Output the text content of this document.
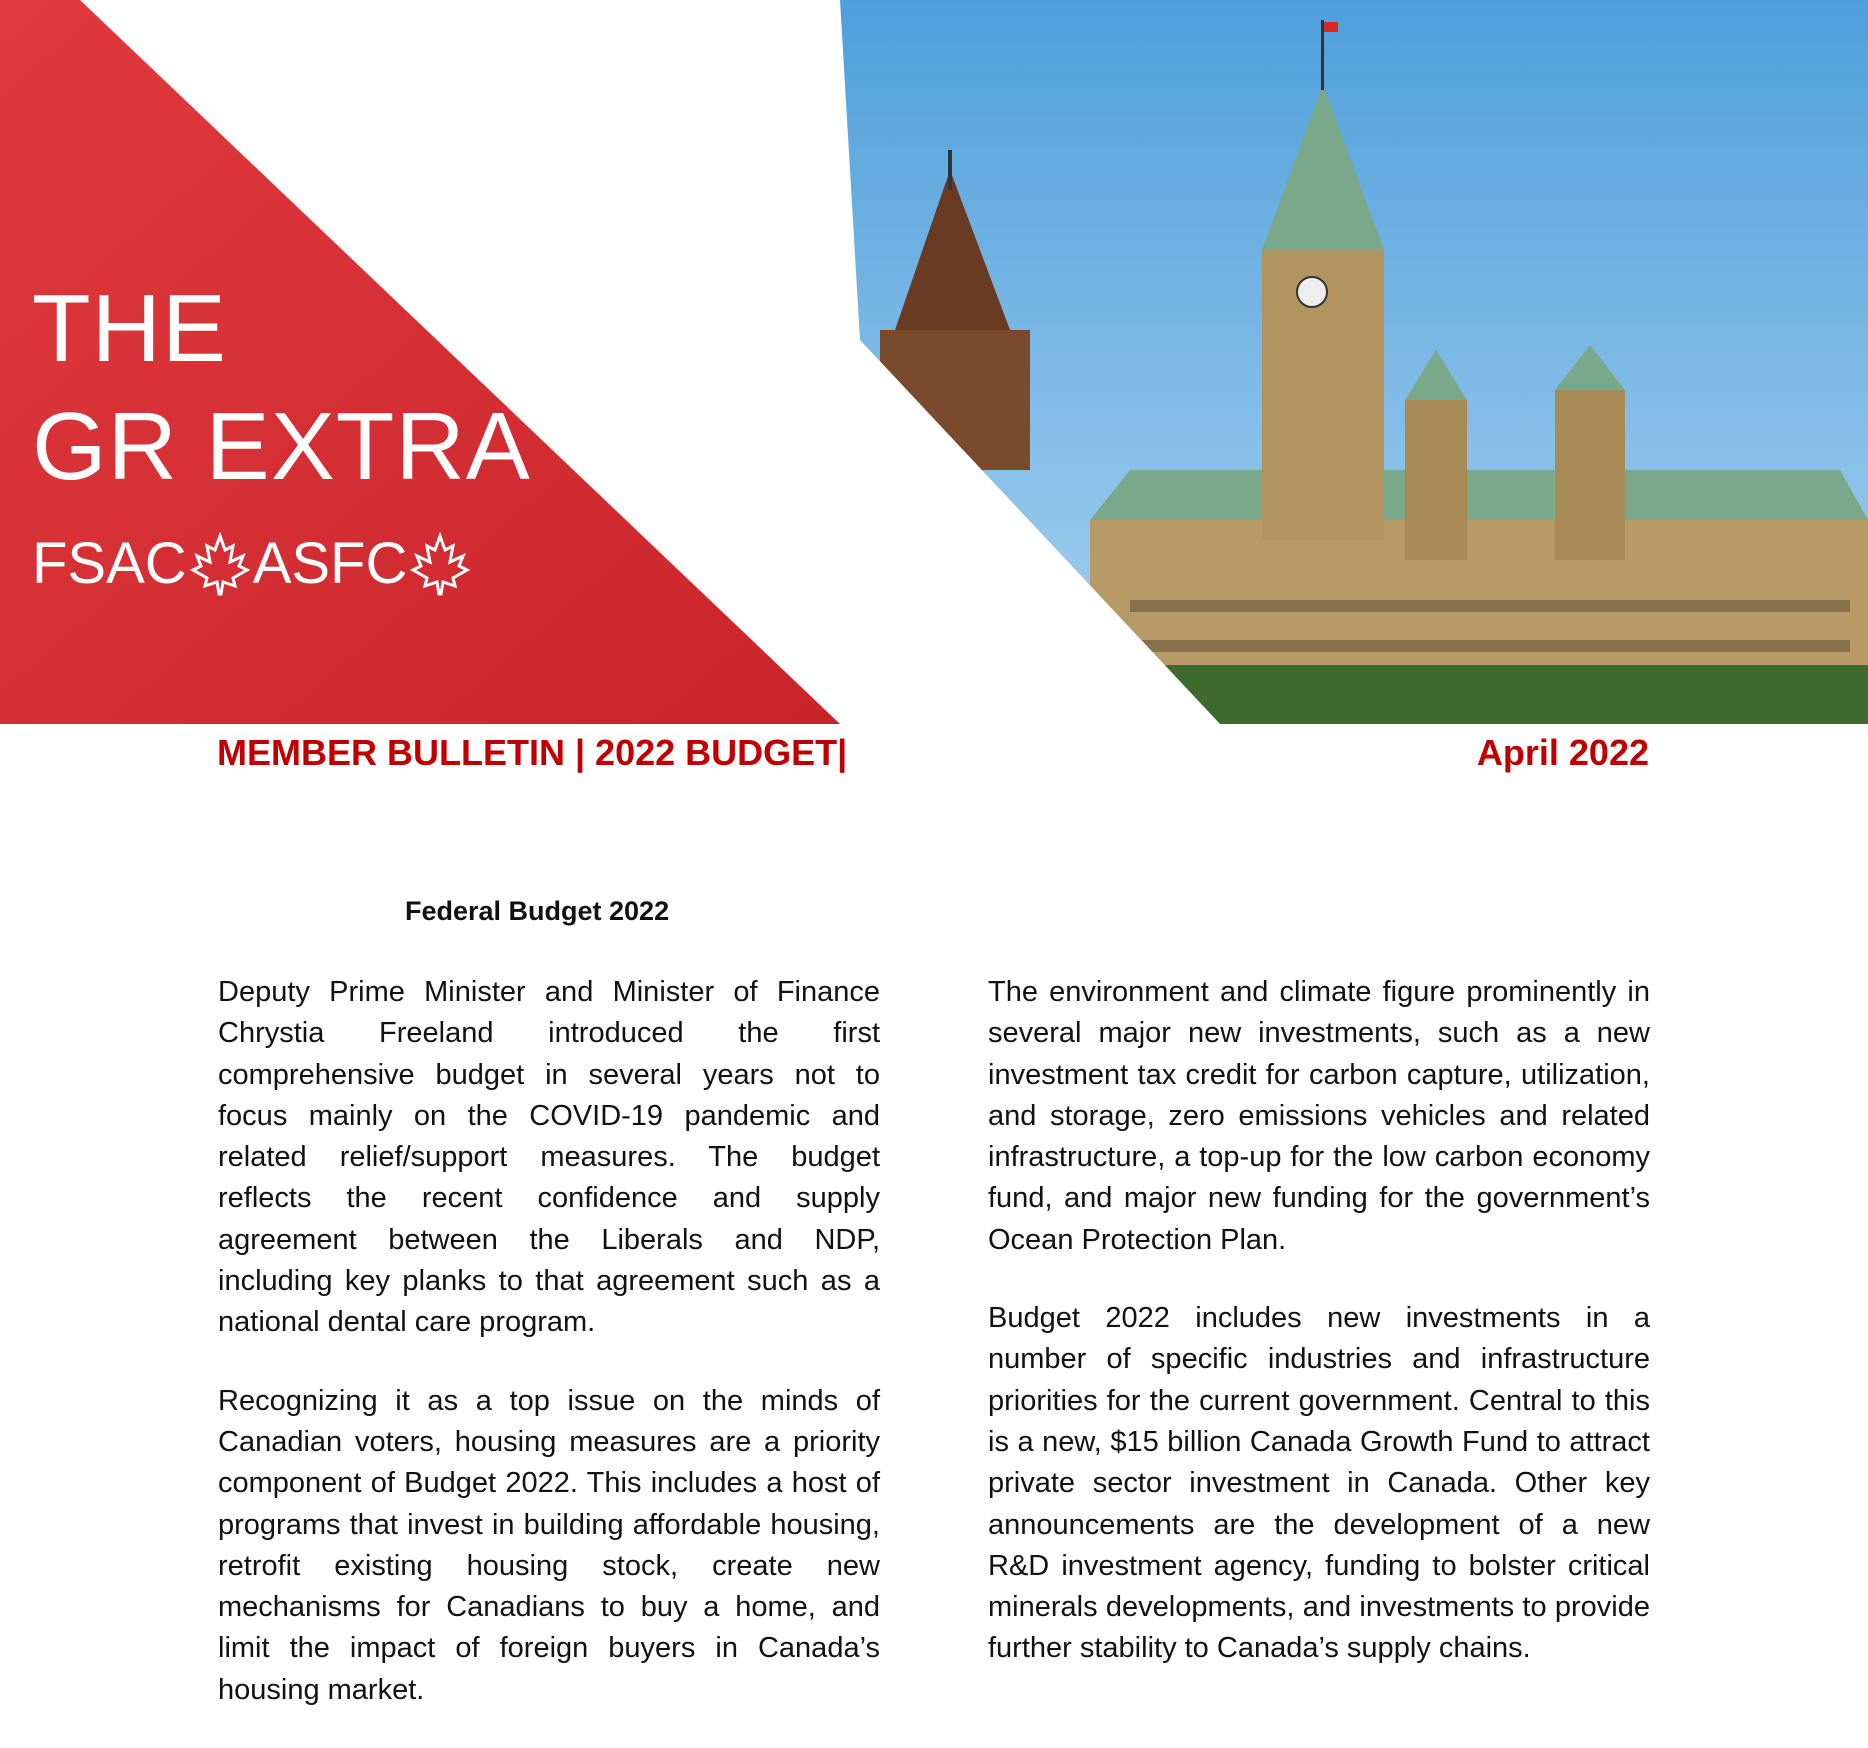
THE
GR EXTRA
FSAC ASFC
MEMBER BULLETIN | 2022 BUDGET|	April 2022
Federal Budget 2022

Deputy Prime Minister and Minister of Finance Chrystia Freeland introduced the first comprehensive budget in several years not to focus mainly on the COVID-19 pandemic and related relief/support measures. The budget reflects the recent confidence and supply agreement between the Liberals and NDP, including key planks to that agreement such as a national dental care program.

Recognizing it as a top issue on the minds of Canadian voters, housing measures are a priority component of Budget 2022. This includes a host of programs that invest in building affordable housing, retrofit existing housing stock, create new mechanisms for Canadians to buy a home, and limit the impact of foreign buyers in Canada’s housing market.

The environment and climate figure prominently in several major new investments, such as a new investment tax credit for carbon capture, utilization, and storage, zero emissions vehicles and related infrastructure, a top-up for the low carbon economy fund, and major new funding for the government’s Ocean Protection Plan.

Budget 2022 includes new investments in a number of specific industries and infrastructure priorities for the current government. Central to this is a new, $15 billion Canada Growth Fund to attract private sector investment in Canada. Other key announcements are the development of a new R&D investment agency, funding to bolster critical minerals developments, and investments to provide further stability to Canada’s supply chains.
